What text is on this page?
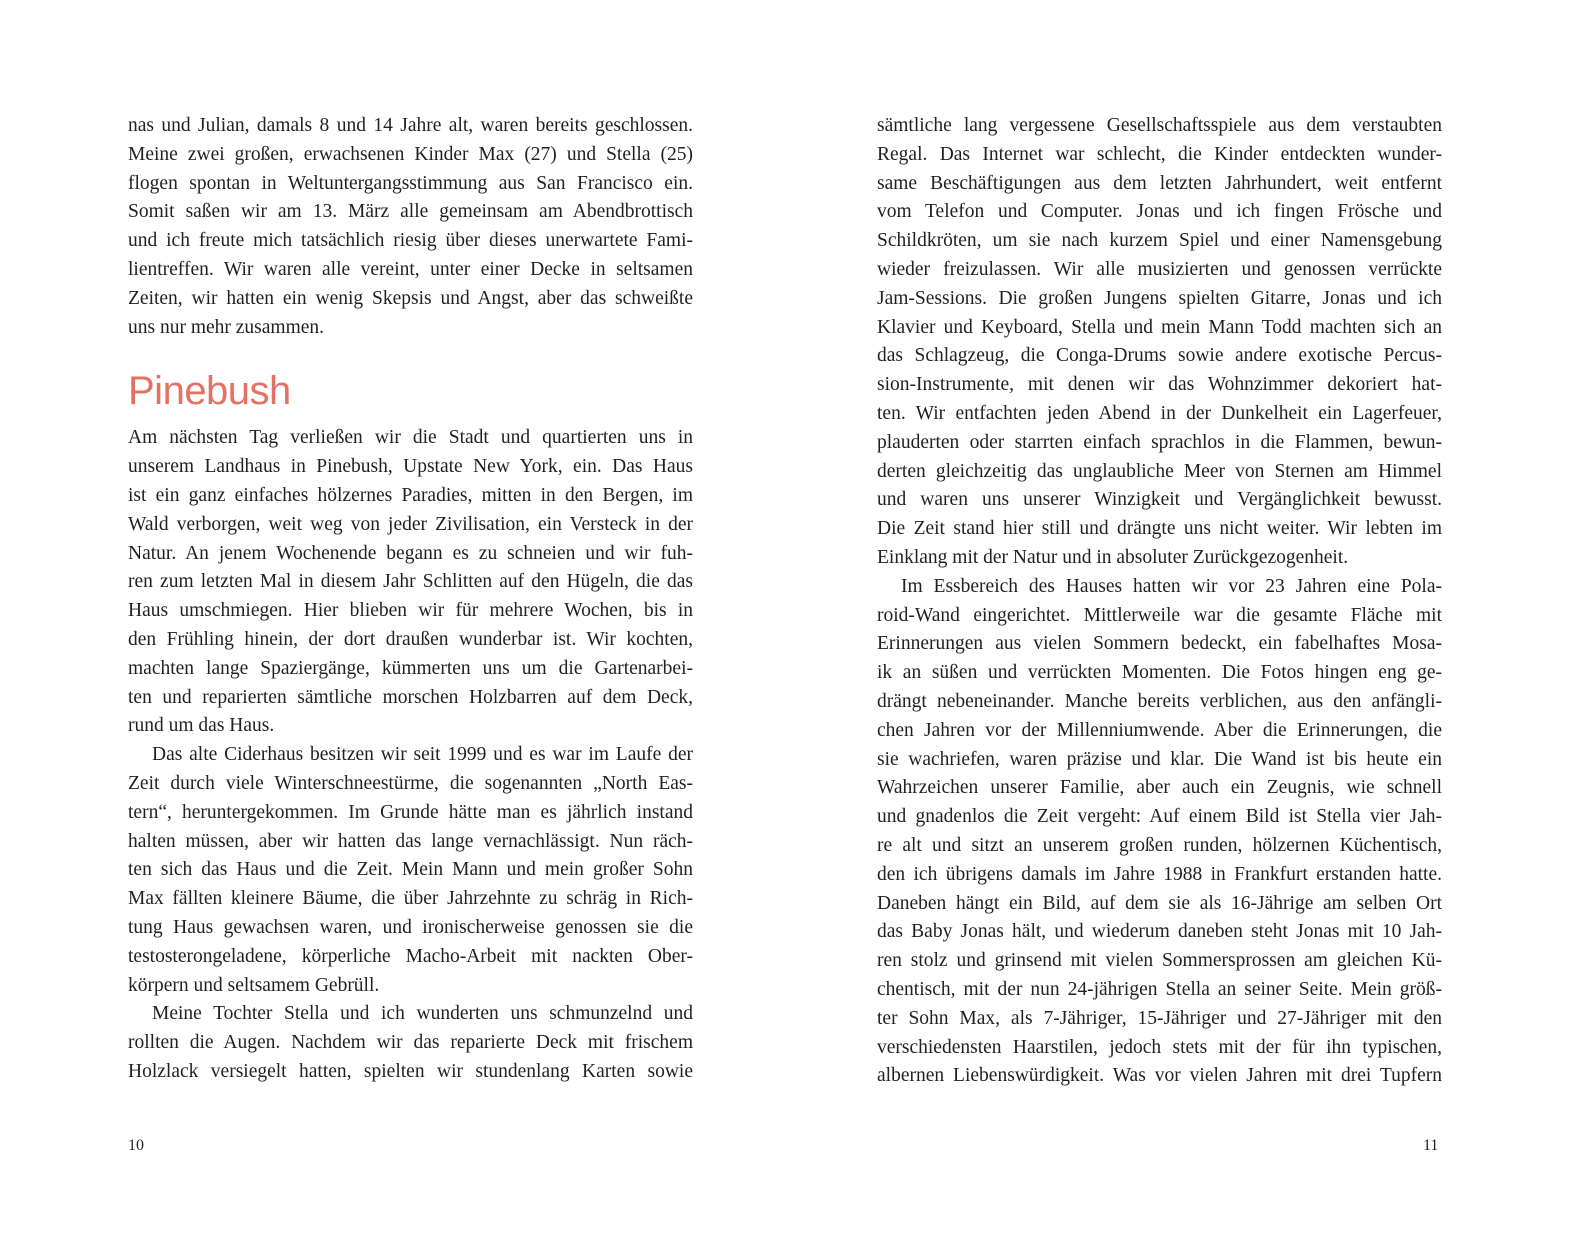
nas und Julian, damals 8 und 14 Jahre alt, waren bereits geschlossen.
Meine zwei großen, erwachsenen Kinder Max (27) und Stella (25)
flogen spontan in Weltuntergangsstimmung aus San Francisco ein.
Somit saßen wir am 13. März alle gemeinsam am Abendbrottisch
und ich freute mich tatsächlich riesig über dieses unerwartete Fami-
lientreffen. Wir waren alle vereint, unter einer Decke in seltsamen
Zeiten, wir hatten ein wenig Skepsis und Angst, aber das schweißte
uns nur mehr zusammen.
Pinebush
Am nächsten Tag verließen wir die Stadt und quartierten uns in
unserem Landhaus in Pinebush, Upstate New York, ein. Das Haus
ist ein ganz einfaches hölzernes Paradies, mitten in den Bergen, im
Wald verborgen, weit weg von jeder Zivilisation, ein Versteck in der
Natur. An jenem Wochenende begann es zu schneien und wir fuh-
ren zum letzten Mal in diesem Jahr Schlitten auf den Hügeln, die das
Haus umschmiegen. Hier blieben wir für mehrere Wochen, bis in
den Frühling hinein, der dort draußen wunderbar ist. Wir kochten,
machten lange Spaziergänge, kümmerten uns um die Gartenarbei-
ten und reparierten sämtliche morschen Holzbarren auf dem Deck,
rund um das Haus.
Das alte Ciderhaus besitzen wir seit 1999 und es war im Laufe der
Zeit durch viele Winterschneestürme, die sogenannten „North Eas-
tern“, heruntergekommen. Im Grunde hätte man es jährlich instand
halten müssen, aber wir hatten das lange vernachlässigt. Nun räch-
ten sich das Haus und die Zeit. Mein Mann und mein großer Sohn
Max fällten kleinere Bäume, die über Jahrzehnte zu schräg in Rich-
tung Haus gewachsen waren, und ironischerweise genossen sie die
testosterongeladene, körperliche Macho-Arbeit mit nackten Ober-
körpern und seltsamem Gebrüll.
Meine Tochter Stella und ich wunderten uns schmunzelnd und
rollten die Augen. Nachdem wir das reparierte Deck mit frischem
Holzlack versiegelt hatten, spielten wir stundenlang Karten sowie
sämtliche lang vergessene Gesellschaftsspiele aus dem verstaubten
Regal. Das Internet war schlecht, die Kinder entdeckten wunder-
same Beschäftigungen aus dem letzten Jahrhundert, weit entfernt
vom Telefon und Computer. Jonas und ich fingen Frösche und
Schildkröten, um sie nach kurzem Spiel und einer Namensgebung
wieder freizulassen. Wir alle musizierten und genossen verrückte
Jam-Sessions. Die großen Jungens spielten Gitarre, Jonas und ich
Klavier und Keyboard, Stella und mein Mann Todd machten sich an
das Schlagzeug, die Conga-Drums sowie andere exotische Percus-
sion-Instrumente, mit denen wir das Wohnzimmer dekoriert hat-
ten. Wir entfachten jeden Abend in der Dunkelheit ein Lagerfeuer,
plauderten oder starrten einfach sprachlos in die Flammen, bewun-
derten gleichzeitig das unglaubliche Meer von Sternen am Himmel
und waren uns unserer Winzigkeit und Vergänglichkeit bewusst.
Die Zeit stand hier still und drängte uns nicht weiter. Wir lebten im
Einklang mit der Natur und in absoluter Zurückgezogenheit.
Im Essbereich des Hauses hatten wir vor 23 Jahren eine Pola-
roid-Wand eingerichtet. Mittlerweile war die gesamte Fläche mit
Erinnerungen aus vielen Sommern bedeckt, ein fabelhaftes Mosa-
ik an süßen und verrückten Momenten. Die Fotos hingen eng ge-
drängt nebeneinander. Manche bereits verblichen, aus den anfängli-
chen Jahren vor der Millenniumwende. Aber die Erinnerungen, die
sie wachriefen, waren präzise und klar. Die Wand ist bis heute ein
Wahrzeichen unserer Familie, aber auch ein Zeugnis, wie schnell
und gnadenlos die Zeit vergeht: Auf einem Bild ist Stella vier Jah-
re alt und sitzt an unserem großen runden, hölzernen Küchentisch,
den ich übrigens damals im Jahre 1988 in Frankfurt erstanden hatte.
Daneben hängt ein Bild, auf dem sie als 16-Jährige am selben Ort
das Baby Jonas hält, und wiederum daneben steht Jonas mit 10 Jah-
ren stolz und grinsend mit vielen Sommersprossen am gleichen Kü-
chentisch, mit der nun 24-jährigen Stella an seiner Seite. Mein größ-
ter Sohn Max, als 7-Jähriger, 15-Jähriger und 27-Jähriger mit den
verschiedensten Haarstilen, jedoch stets mit der für ihn typischen,
albernen Liebenswürdigkeit. Was vor vielen Jahren mit drei Tupfern
10	11
